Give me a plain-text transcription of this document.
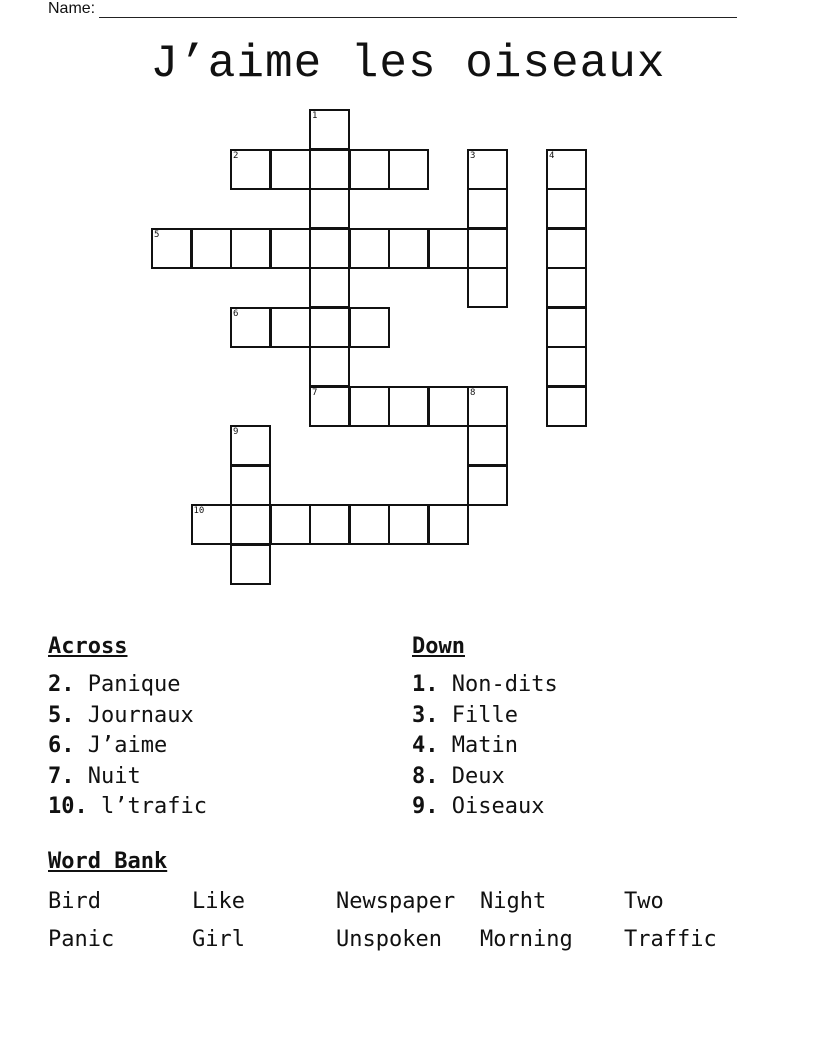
Name:
J’aime les oiseaux
1
7
2	3	4
5
6
8
9
10
Across
2. Panique
5. Journaux
6. J’aime
7. Nuit
10. l’trafic
Down
1. Non-dits
3. Fille
4. Matin
8. Deux
9. Oiseaux
Word Bank
Bird	Like	Newspaper	Night	Two
Panic	Girl	Unspoken	Morning	Traffic
